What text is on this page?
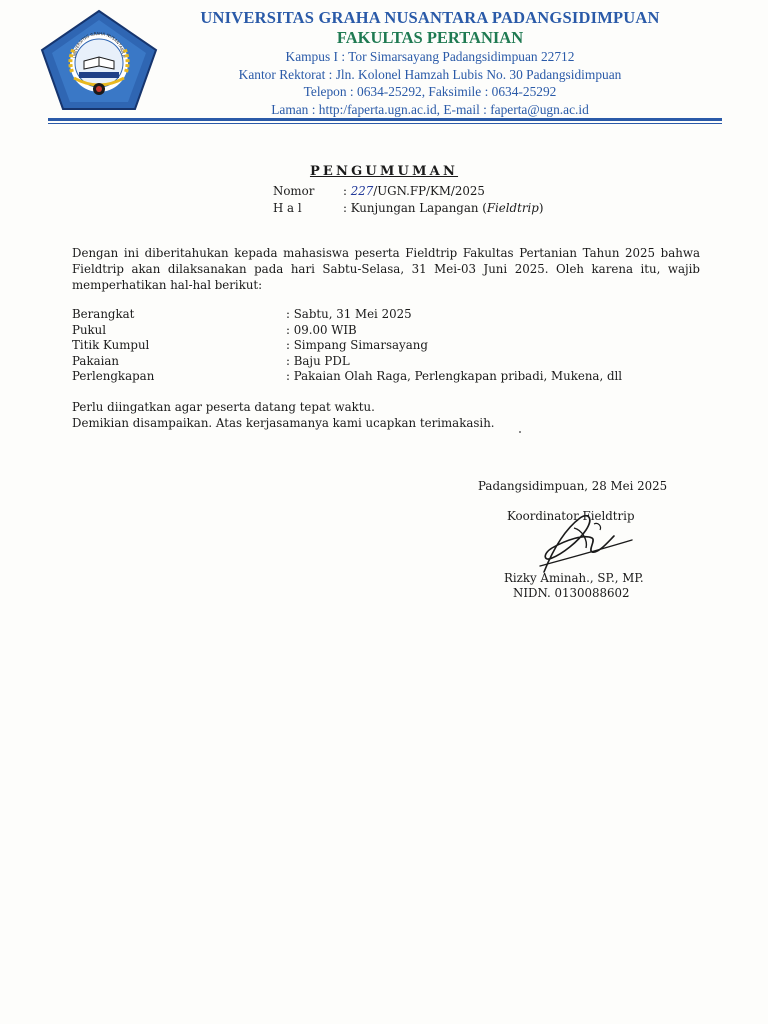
UNIVERSITAS GRAHA NUSANTARA P
UNIVERSITAS GRAHA NUSANTARA PADANGSIDIMPUAN
FAKULTAS PERTANIAN
Kampus I : Tor Simarsayang Padangsidimpuan 22712
Kantor Rektorat : Jln. Kolonel Hamzah Lubis No. 30 Padangsidimpuan
Telepon : 0634-25292, Faksimile : 0634-25292
Laman : http:/faperta.ugn.ac.id, E-mail : faperta@ugn.ac.id
PENGUMUMAN
Nomor	: 227/UGN.FP/KM/2025
H a l	: Kunjungan Lapangan (Fieldtrip)
Dengan ini diberitahukan kepada mahasiswa peserta Fieldtrip Fakultas Pertanian Tahun 2025 bahwa Fieldtrip akan dilaksanakan pada hari Sabtu-Selasa, 31 Mei-03 Juni 2025. Oleh karena itu, wajib memperhatikan hal-hal berikut:
Berangkat	: Sabtu, 31 Mei 2025
Pukul	: 09.00 WIB
Titik Kumpul	: Simpang Simarsayang
Pakaian	: Baju PDL
Perlengkapan	: Pakaian Olah Raga, Perlengkapan pribadi, Mukena, dll
Perlu diingatkan agar peserta datang tepat waktu.
Demikian disampaikan. Atas kerjasamanya kami ucapkan terimakasih.
Padangsidimpuan, 28 Mei 2025
Koordinator Fieldtrip
Rizky Aminah., SP., MP.
NIDN. 0130088602
